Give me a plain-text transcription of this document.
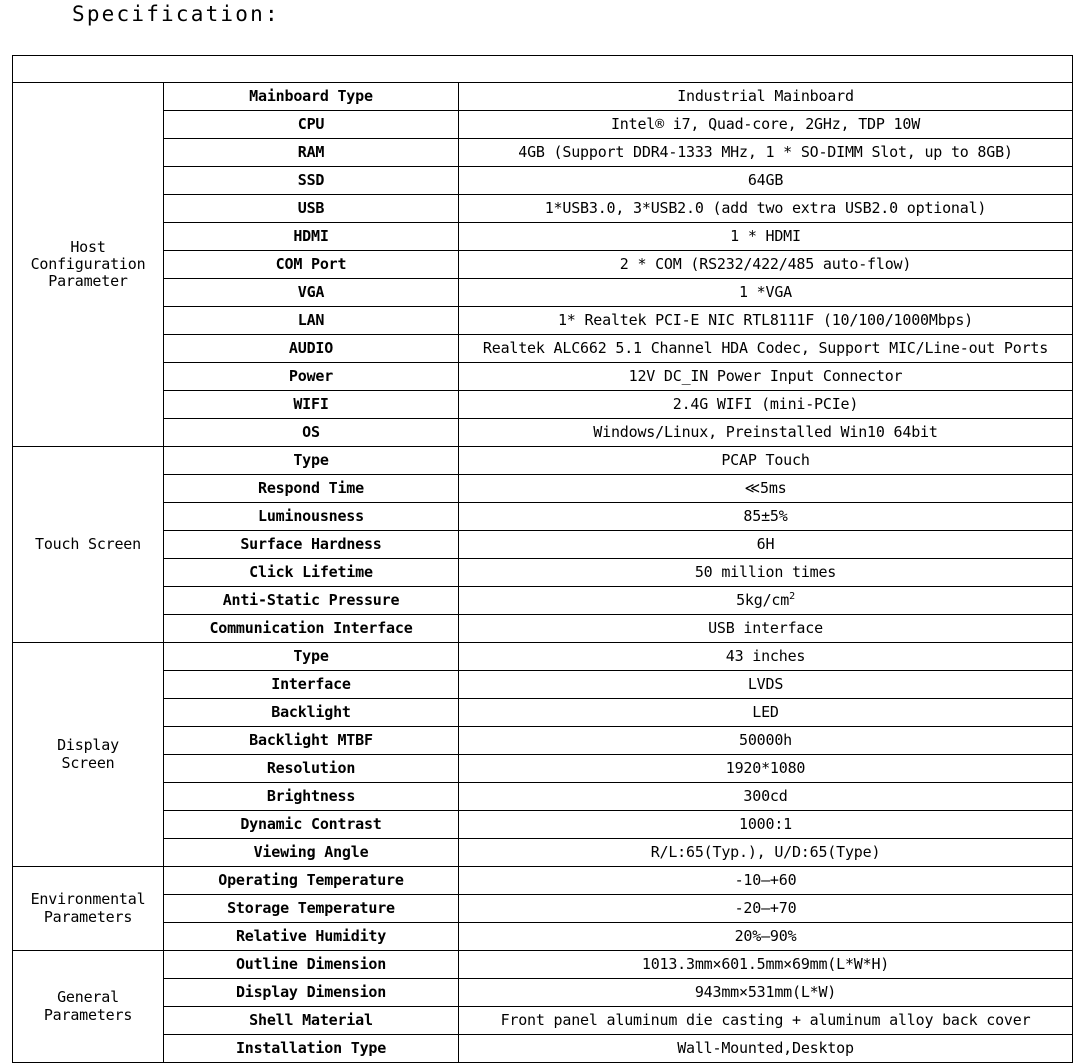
Specification:

Host
Configuration
Parameter	Mainboard Type	Industrial Mainboard
	CPU	Intel® i7, Quad-core, 2GHz, TDP 10W
	RAM	4GB (Support DDR4-1333 MHz, 1 * SO-DIMM Slot, up to 8GB)
	SSD	64GB
	USB	1*USB3.0, 3*USB2.0 (add two extra USB2.0 optional)
	HDMI	1 * HDMI
	COM Port	2 * COM (RS232/422/485 auto-flow)
	VGA	1 *VGA
	LAN	1* Realtek PCI-E NIC RTL8111F (10/100/1000Mbps)
	AUDIO	Realtek ALC662 5.1 Channel HDA Codec, Support MIC/Line-out Ports
	Power	12V DC_IN Power Input Connector
	WIFI	2.4G WIFI (mini-PCIe)
	OS	Windows/Linux, Preinstalled Win10 64bit
Touch Screen	Type	PCAP Touch
	Respond Time	≪5ms
	Luminousness	85±5%
	Surface Hardness	6H
	Click Lifetime	50 million times
	Anti-Static Pressure	$5kg/cm^2$
	Communication Interface	USB interface
Display
Screen	Type	43 inches
	Interface	LVDS
	Backlight	LED
	Backlight MTBF	50000h
	Resolution	1920*1080
	Brightness	300cd
	Dynamic Contrast	1000:1
	Viewing Angle	R/L:65(Typ.), U/D:65(Type)
Environmental
Parameters	Operating Temperature	-10—+60
	Storage Temperature	-20—+70
	Relative Humidity	20%—90%
General
Parameters	Outline Dimension	1013.3mm×601.5mm×69mm(L*W*H)
	Display Dimension	943mm×531mm(L*W)
	Shell Material	Front panel aluminum die casting + aluminum alloy back cover
	Installation Type	Wall-Mounted,Desktop
